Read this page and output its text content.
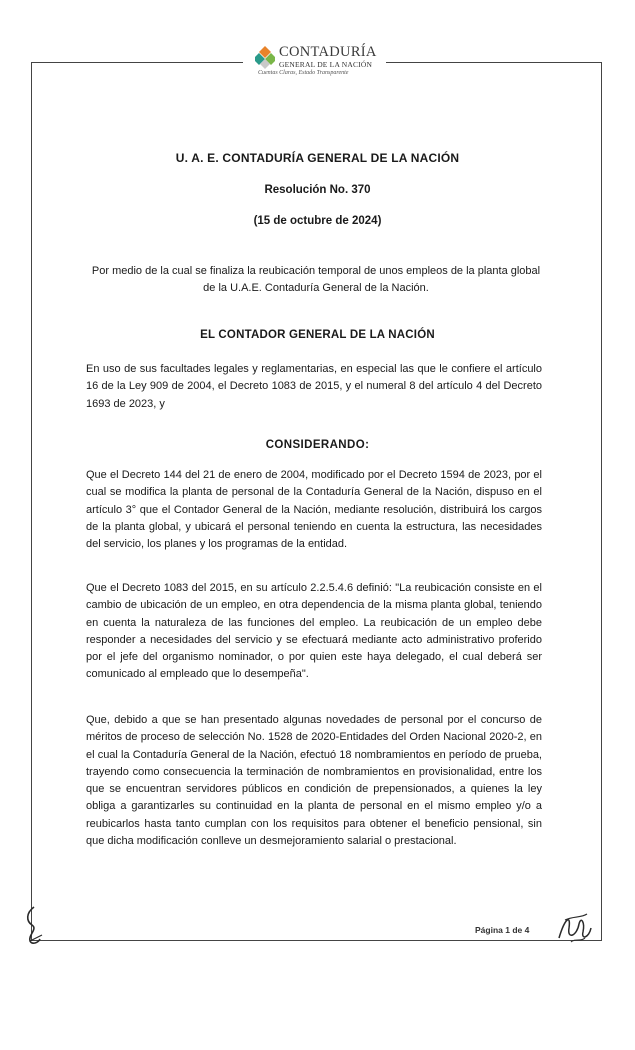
CONTADURÍA
GENERAL DE LA NACIÓN
Cuentas Claras, Estado Transparente
U. A. E. CONTADURÍA GENERAL DE LA NACIÓN
Resolución No. 370
(15 de octubre de 2024)
Por medio de la cual se finaliza la reubicación temporal de unos empleos de la planta global de la U.A.E. Contaduría General de la Nación.
EL CONTADOR GENERAL DE LA NACIÓN

En uso de sus facultades legales y reglamentarias, en especial las que le confiere el artículo 16 de la Ley 909 de 2004, el Decreto 1083 de 2015, y el numeral 8 del artículo 4 del Decreto 1693 de 2023, y

CONSIDERANDO:

Que el Decreto 144 del 21 de enero de 2004, modificado por el Decreto 1594 de 2023, por el cual se modifica la planta de personal de la Contaduría General de la Nación, dispuso en el artículo 3° que el Contador General de la Nación, mediante resolución, distribuirá los cargos de la planta global, y ubicará el personal teniendo en cuenta la estructura, las necesidades del servicio, los planes y los programas de la entidad.

Que el Decreto 1083 del 2015, en su artículo 2.2.5.4.6 definió: "La reubicación consiste en el cambio de ubicación de un empleo, en otra dependencia de la misma planta global, teniendo en cuenta la naturaleza de las funciones del empleo. La reubicación de un empleo debe responder a necesidades del servicio y se efectuará mediante acto administrativo proferido por el jefe del organismo nominador, o por quien este haya delegado, el cual deberá ser comunicado al empleado que lo desempeña".

Que, debido a que se han presentado algunas novedades de personal por el concurso de méritos de proceso de selección No. 1528 de 2020-Entidades del Orden Nacional 2020-2, en el cual la Contaduría General de la Nación, efectuó 18 nombramientos en período de prueba, trayendo como consecuencia la terminación de nombramientos en provisionalidad, entre los que se encuentran servidores públicos en condición de prepensionados, a quienes la ley obliga a garantizarles su continuidad en la planta de personal en el mismo empleo y/o a reubicarlos hasta tanto cumplan con los requisitos para obtener el beneficio pensional, sin que dicha modificación conlleve un desmejoramiento salarial o prestacional.

Página 1 de 4
